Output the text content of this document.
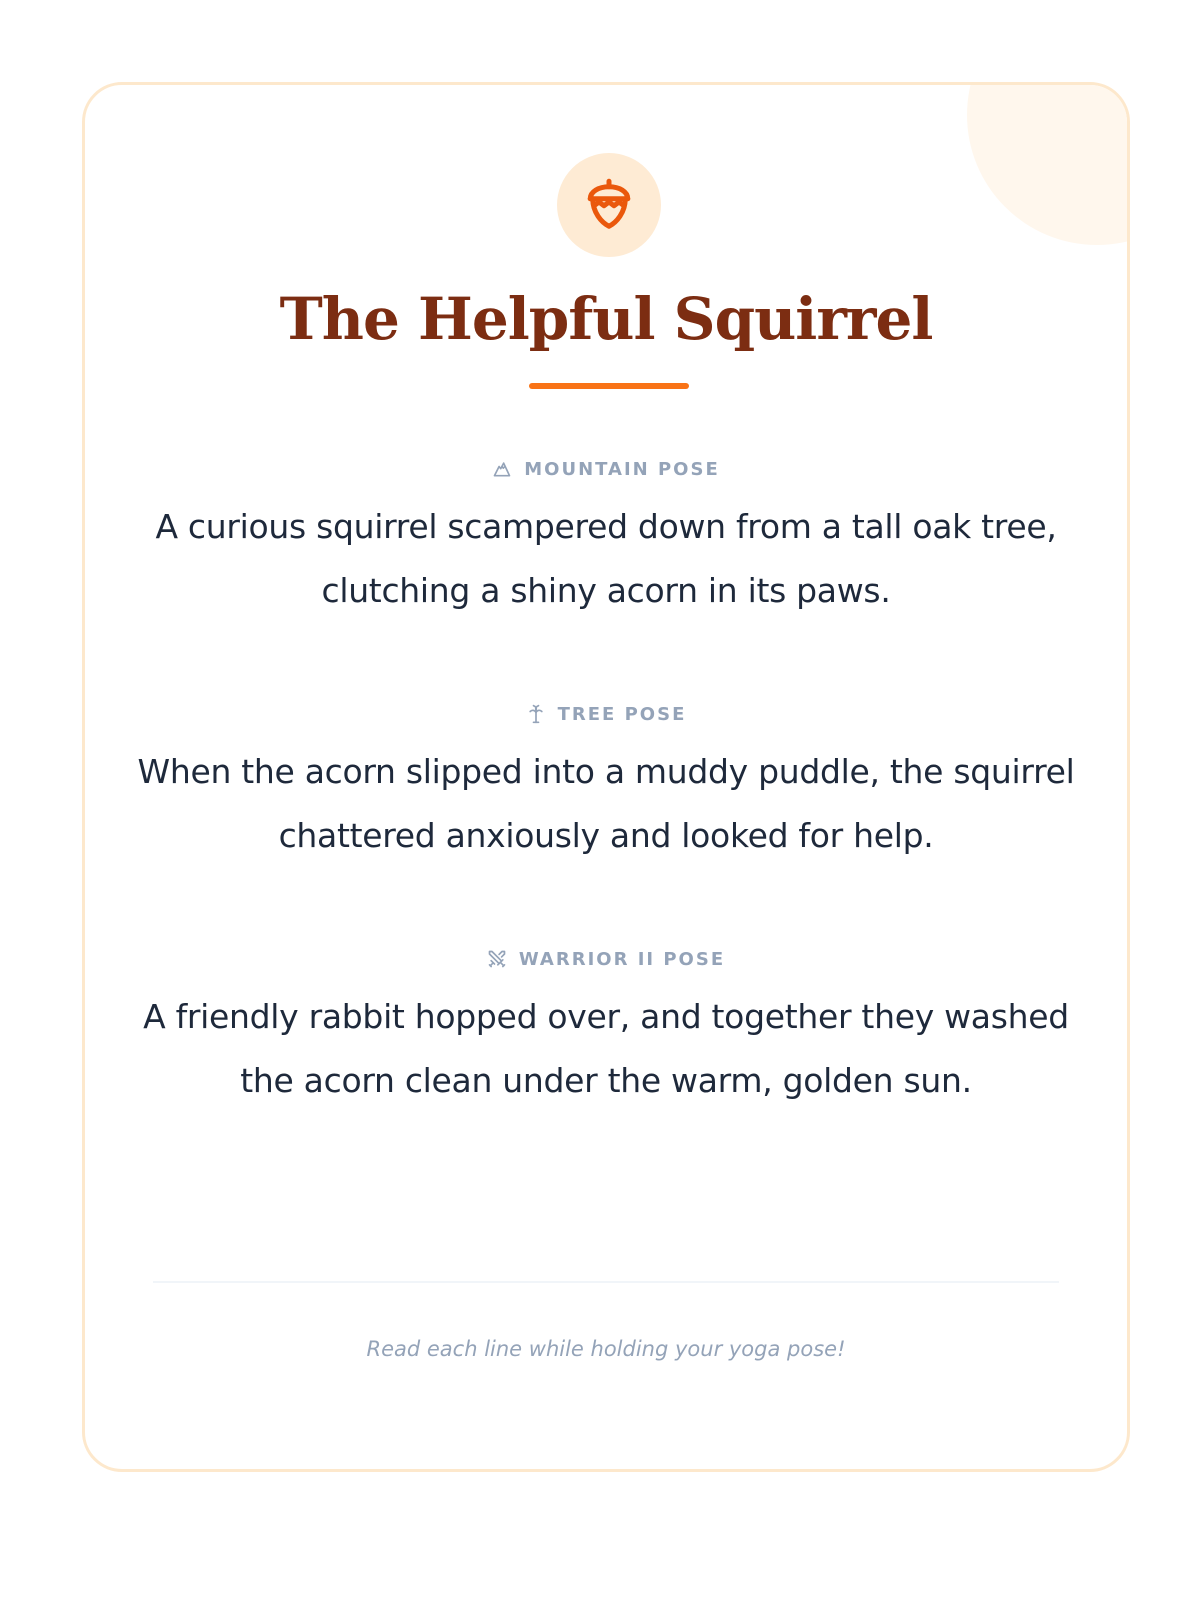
The Helpful Squirrel
MOUNTAIN POSE

A curious squirrel scampered down from a tall oak tree, clutching a shiny acorn in its paws.

TREE POSE

When the acorn slipped into a muddy puddle, the squirrel chattered anxiously and looked for help.

WARRIOR II POSE

A friendly rabbit hopped over, and together they washed the acorn clean under the warm, golden sun.

Read each line while holding your yoga pose!
